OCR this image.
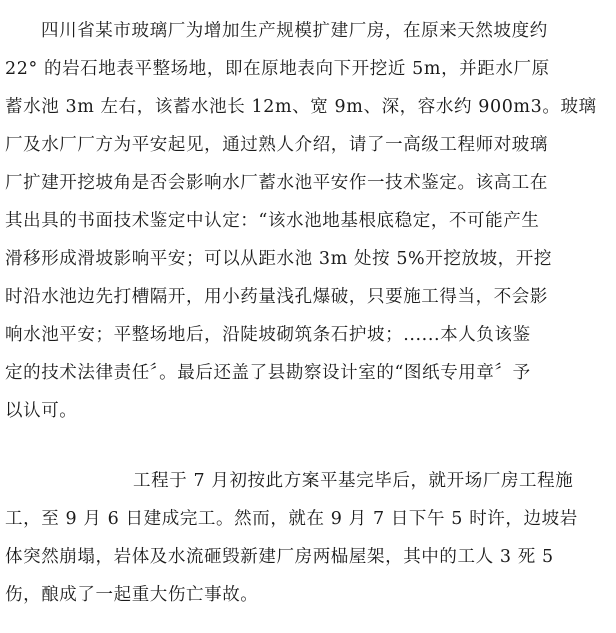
四川省某市玻璃厂为增加生产规模扩建厂房，在原来天然坡度约
22° 的岩石地表平整场地，即在原地表向下开挖近 5m，并距水厂原
蓄水池 3m 左右，该蓄水池长 12m、宽 9m、深，容水约 900m3。玻璃
厂及水厂厂方为平安起见，通过熟人介绍，请了一高级工程师对玻璃
厂扩建开挖坡角是否会影响水厂蓄水池平安作一技术鉴定。该高工在
其出具的书面技术鉴定中认定：“该水池地基根底稳定，不可能产生
滑移形成滑坡影响平安；可以从距水池 3m 处按 5%开挖放坡，开挖
时沿水池边先打槽隔开，用小药量浅孔爆破，只要施工得当，不会影
响水池平安；平整场地后，沿陡坡砌筑条石护坡；......本人负该鉴
定的技术法律责任〞。最后还盖了县勘察设计室的“图纸专用章〞予
以认可。
工程于 7 月初按此方案平基完毕后，就开场厂房工程施
工，至 9 月 6 日建成完工。然而，就在 9 月 7 日下午 5 时许，边坡岩
体突然崩塌，岩体及水流砸毁新建厂房两榀屋架，其中的工人 3 死 5
伤，酿成了一起重大伤亡事故。
